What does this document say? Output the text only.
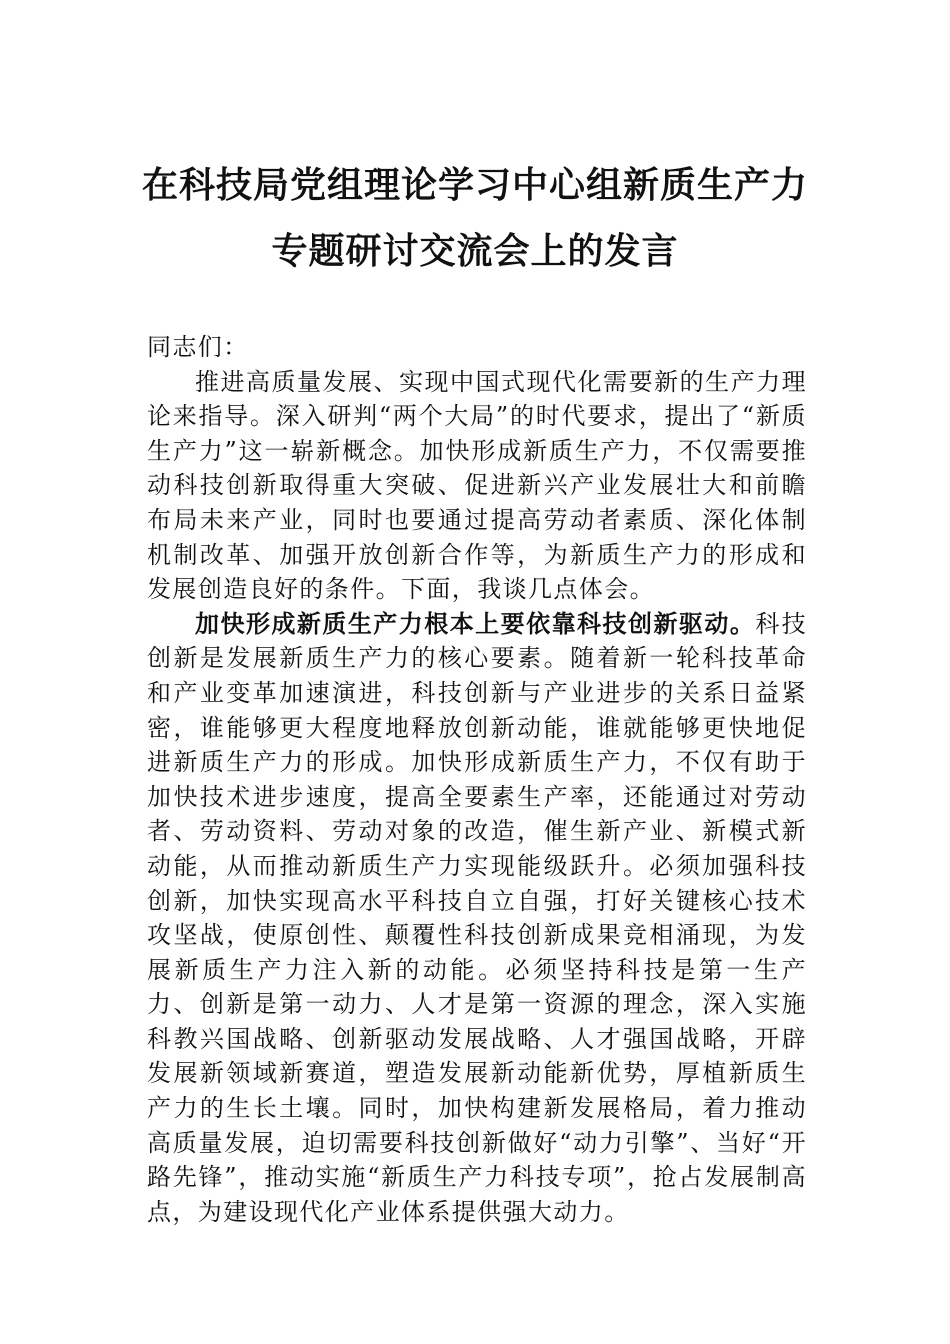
在科技局党组理论学习中心组新质生产力
专题研讨交流会上的发言

同志们：

推进高质量发展、实现中国式现代化需要新的生产力理论来指导。深入研判“两个大局”的时代要求，提出了“新质生产力”这一崭新概念。加快形成新质生产力，不仅需要推动科技创新取得重大突破、促进新兴产业发展壮大和前瞻布局未来产业，同时也要通过提高劳动者素质、深化体制机制改革、加强开放创新合作等，为新质生产力的形成和发展创造良好的条件。下面，我谈几点体会。

加快形成新质生产力根本上要依靠科技创新驱动。科技创新是发展新质生产力的核心要素。随着新一轮科技革命和产业变革加速演进，科技创新与产业进步的关系日益紧密，谁能够更大程度地释放创新动能，谁就能够更快地促进新质生产力的形成。加快形成新质生产力，不仅有助于加快技术进步速度，提高全要素生产率，还能通过对劳动者、劳动资料、劳动对象的改造，催生新产业、新模式新动能，从而推动新质生产力实现能级跃升。必须加强科技创新，加快实现高水平科技自立自强，打好关键核心技术攻坚战，使原创性、颠覆性科技创新成果竞相涌现，为发展新质生产力注入新的动能。必须坚持科技是第一生产力、创新是第一动力、人才是第一资源的理念，深入实施科教兴国战略、创新驱动发展战略、人才强国战略，开辟发展新领域新赛道，塑造发展新动能新优势，厚植新质生产力的生长土壤。同时，加快构建新发展格局，着力推动高质量发展，迫切需要科技创新做好“动力引擎”、当好“开路先锋”，推动实施“新质生产力科技专项”，抢占发展制高点，为建设现代化产业体系提供强大动力。
